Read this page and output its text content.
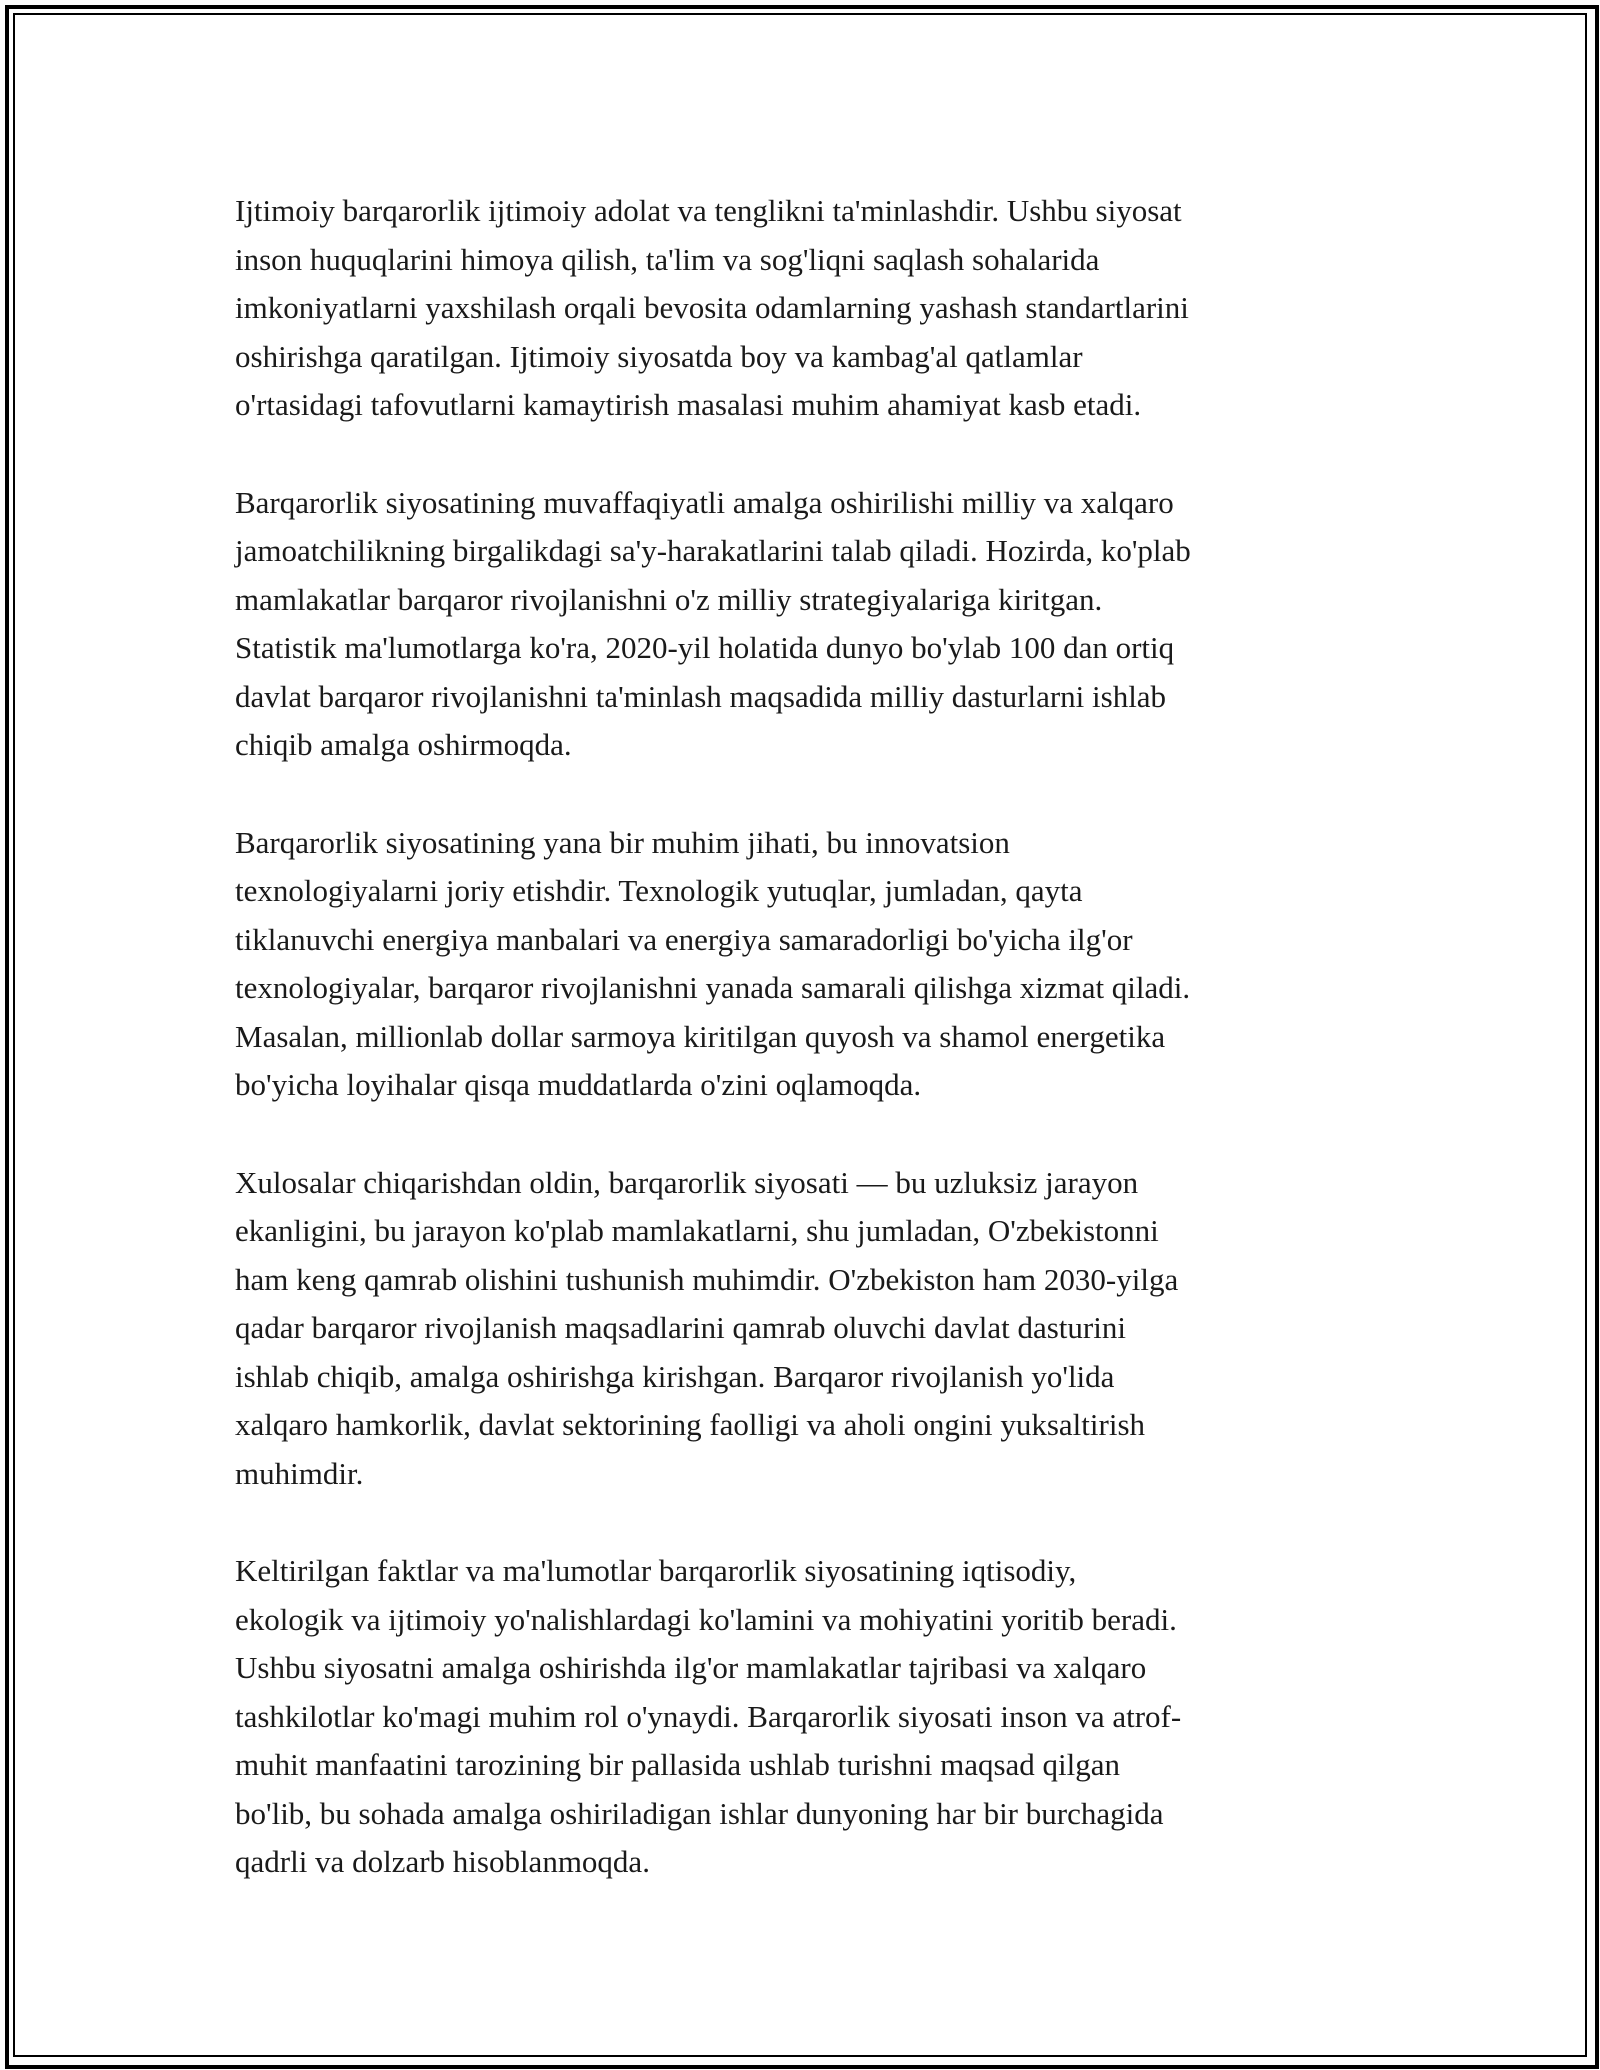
Ijtimoiy barqarorlik ijtimoiy adolat va tenglikni ta'minlashdir. Ushbu siyosat
inson huquqlarini himoya qilish, ta'lim va sog'liqni saqlash sohalarida
imkoniyatlarni yaxshilash orqali bevosita odamlarning yashash standartlarini
oshirishga qaratilgan. Ijtimoiy siyosatda boy va kambag'al qatlamlar
o'rtasidagi tafovutlarni kamaytirish masalasi muhim ahamiyat kasb etadi.

Barqarorlik siyosatining muvaffaqiyatli amalga oshirilishi milliy va xalqaro
jamoatchilikning birgalikdagi sa'y-harakatlarini talab qiladi. Hozirda, ko'plab
mamlakatlar barqaror rivojlanishni o'z milliy strategiyalariga kiritgan.
Statistik ma'lumotlarga ko'ra, 2020-yil holatida dunyo bo'ylab 100 dan ortiq
davlat barqaror rivojlanishni ta'minlash maqsadida milliy dasturlarni ishlab
chiqib amalga oshirmoqda.

Barqarorlik siyosatining yana bir muhim jihati, bu innovatsion
texnologiyalarni joriy etishdir. Texnologik yutuqlar, jumladan, qayta
tiklanuvchi energiya manbalari va energiya samaradorligi bo'yicha ilg'or
texnologiyalar, barqaror rivojlanishni yanada samarali qilishga xizmat qiladi.
Masalan, millionlab dollar sarmoya kiritilgan quyosh va shamol energetika
bo'yicha loyihalar qisqa muddatlarda o'zini oqlamoqda.

Xulosalar chiqarishdan oldin, barqarorlik siyosati — bu uzluksiz jarayon
ekanligini, bu jarayon ko'plab mamlakatlarni, shu jumladan, O'zbekistonni
ham keng qamrab olishini tushunish muhimdir. O'zbekiston ham 2030-yilga
qadar barqaror rivojlanish maqsadlarini qamrab oluvchi davlat dasturini
ishlab chiqib, amalga oshirishga kirishgan. Barqaror rivojlanish yo'lida
xalqaro hamkorlik, davlat sektorining faolligi va aholi ongini yuksaltirish
muhimdir.

Keltirilgan faktlar va ma'lumotlar barqarorlik siyosatining iqtisodiy,
ekologik va ijtimoiy yo'nalishlardagi ko'lamini va mohiyatini yoritib beradi.
Ushbu siyosatni amalga oshirishda ilg'or mamlakatlar tajribasi va xalqaro
tashkilotlar ko'magi muhim rol o'ynaydi. Barqarorlik siyosati inson va atrof-
muhit manfaatini tarozining bir pallasida ushlab turishni maqsad qilgan
bo'lib, bu sohada amalga oshiriladigan ishlar dunyoning har bir burchagida
qadrli va dolzarb hisoblanmoqda.
